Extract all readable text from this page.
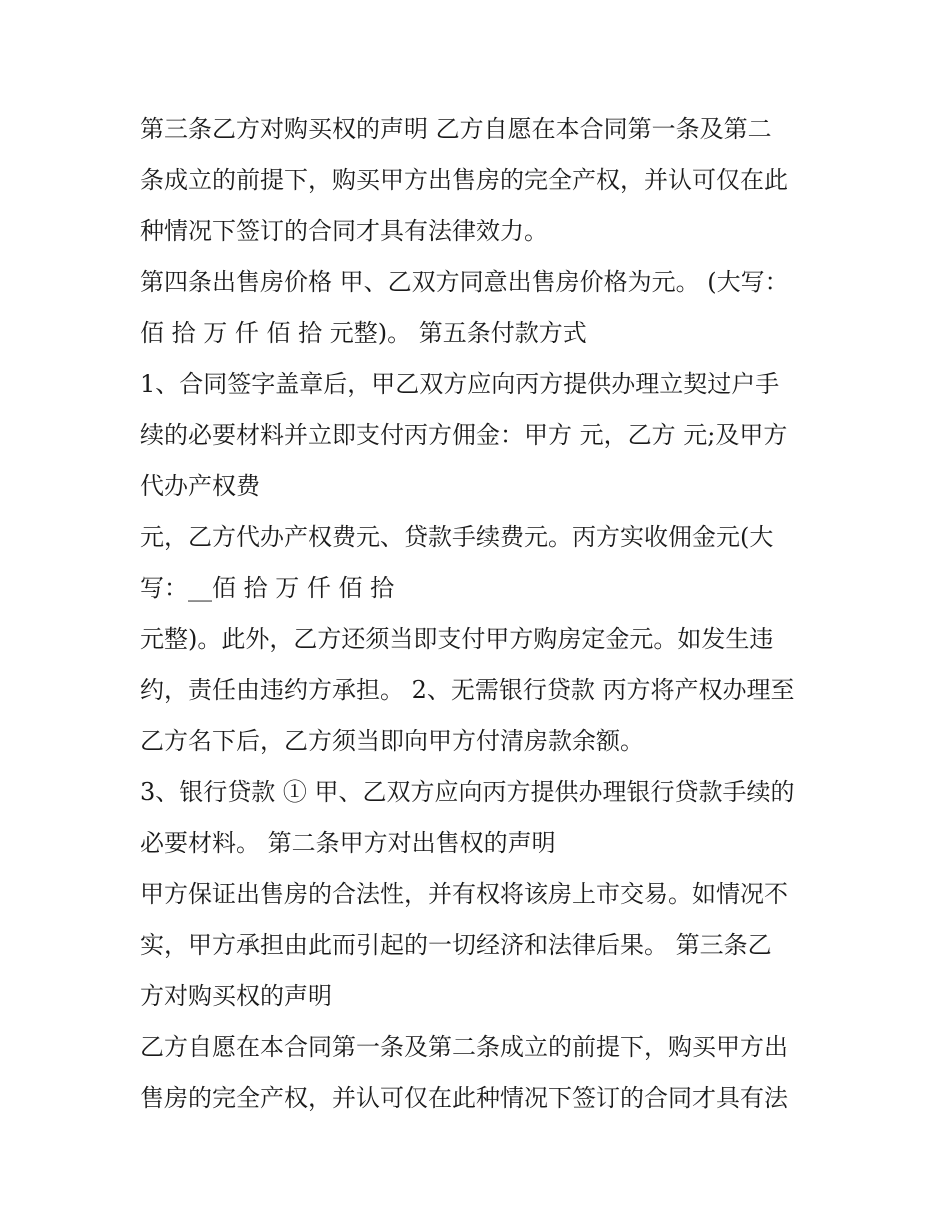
第三条乙方对购买权的声明 乙方自愿在本合同第一条及第二
条成立的前提下，购买甲方出售房的完全产权，并认可仅在此
种情况下签订的合同才具有法律效力。
第四条出售房价格 甲、乙双方同意出售房价格为元。 (大写：
佰 拾 万 仟 佰 拾 元整)。 第五条付款方式
1、合同签字盖章后，甲乙双方应向丙方提供办理立契过户手
续的必要材料并立即支付丙方佣金：甲方 元，乙方 元;及甲方
代办产权费
元，乙方代办产权费元、贷款手续费元。丙方实收佣金元(大
写：__佰 拾 万 仟 佰 拾
元整)。此外，乙方还须当即支付甲方购房定金元。如发生违
约，责任由违约方承担。 2、无需银行贷款 丙方将产权办理至
乙方名下后，乙方须当即向甲方付清房款余额。
3、银行贷款 ① 甲、乙双方应向丙方提供办理银行贷款手续的
必要材料。 第二条甲方对出售权的声明
甲方保证出售房的合法性，并有权将该房上市交易。如情况不
实，甲方承担由此而引起的一切经济和法律后果。 第三条乙
方对购买权的声明
乙方自愿在本合同第一条及第二条成立的前提下，购买甲方出
售房的完全产权，并认可仅在此种情况下签订的合同才具有法
